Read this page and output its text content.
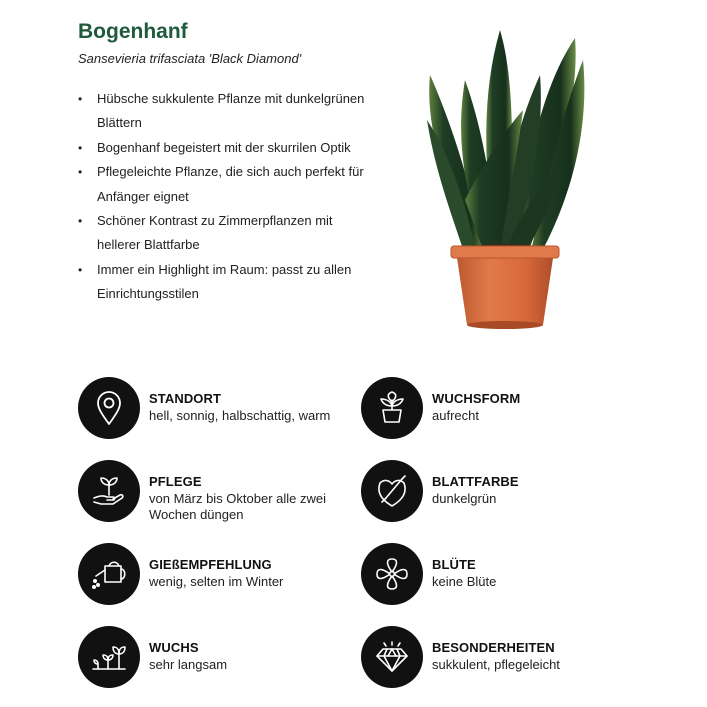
Bogenhanf
Sansevieria trifasciata 'Black Diamond'
• Hübsche sukkulente Pflanze mit dunkelgrünen Blättern
• Bogenhanf begeistert mit der skurrilen Optik
• Pflegeleichte Pflanze, die sich auch perfekt für Anfänger eignet
• Schöner Kontrast zu Zimmerpflanzen mit hellerer Blattfarbe
• Immer ein Highlight im Raum: passt zu allen Einrichtungsstilen
STANDORT
hell, sonnig, halbschattig, warm
PFLEGE
von März bis Oktober alle zwei Wochen düngen
GIEßEMPFEHLUNG
wenig, selten im Winter
WUCHS
sehr langsam
WUCHSFORM
aufrecht
BLATTFARBE
dunkelgrün
BLÜTE
keine Blüte
BESONDERHEITEN
sukkulent, pflegeleicht
